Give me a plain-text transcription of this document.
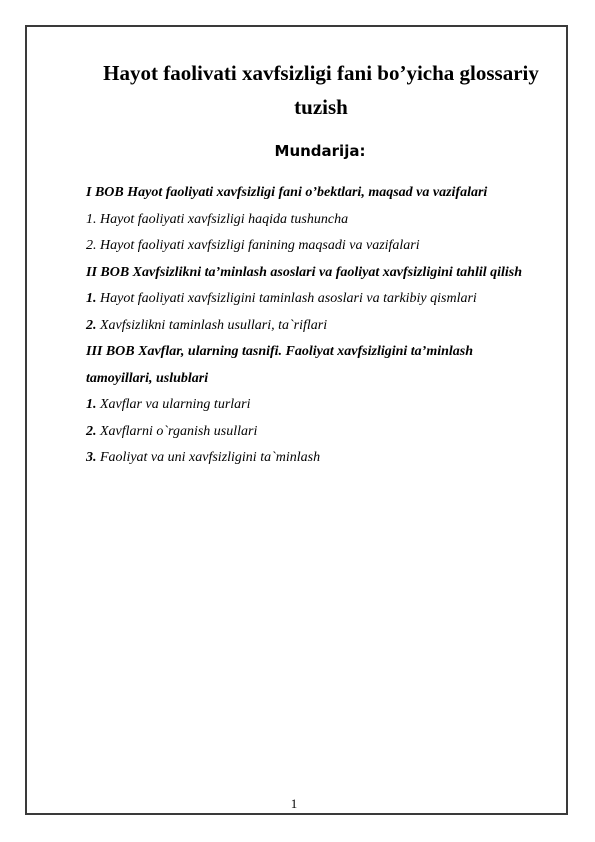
Hayot faolivati xavfsizligi fani bo’yicha glossariy tuzish
Mundarija:
I BOB Hayot faoliyati xavfsizligi fani o’bektlari, maqsad va vazifalari
1. Hayot faoliyati xavfsizligi haqida tushuncha
2. Hayot faoliyati xavfsizligi fanining maqsadi va vazifalari
II BOB Xavfsizlikni ta’minlash asoslari va faoliyat xavfsizligini tahlil qilish
1. Hayot faoliyati xavfsizligini taminlash asoslari va tarkibiy qismlari
2. Xavfsizlikni taminlash usullari, ta`riflari
III BOB Xavflar, ularning tasnifi. Faoliyat xavfsizligini ta’minlash tamoyillari, uslublari
1. Xavflar va ularning turlari
2. Xavflarni o`rganish usullari
3. Faoliyat va uni xavfsizligini ta`minlash
1
